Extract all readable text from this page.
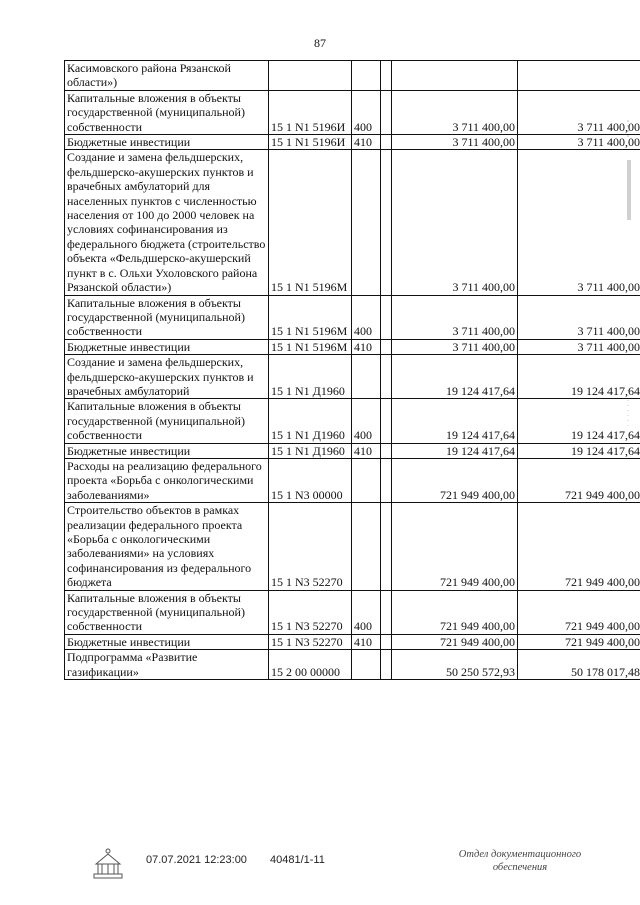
87
Касимовского района Рязанской области»)					
Капитальные вложения в объекты государственной (муниципальной) собственности	15 1 N1 5196И	400		3 711 400,00	3 711 400,00
Бюджетные инвестиции	15 1 N1 5196И	410		3 711 400,00	3 711 400,00
Создание и замена фельдшерских, фельдшерско-акушерских пунктов и врачебных амбулаторий для населенных пунктов с численностью населения от 100 до 2000 человек на условиях софинансирования из федерального бюджета (строительство объекта «Фельдшерско-акушерский пункт в с. Ольхи Ухоловского района Рязанской области»)	15 1 N1 5196М			3 711 400,00	3 711 400,00
Капитальные вложения в объекты государственной (муниципальной) собственности	15 1 N1 5196М	400		3 711 400,00	3 711 400,00
Бюджетные инвестиции	15 1 N1 5196М	410		3 711 400,00	3 711 400,00
Создание и замена фельдшерских, фельдшерско-акушерских пунктов и врачебных амбулаторий	15 1 N1 Д1960			19 124 417,64	19 124 417,64
Капитальные вложения в объекты государственной (муниципальной) собственности	15 1 N1 Д1960	400		19 124 417,64	19 124 417,64
Бюджетные инвестиции	15 1 N1 Д1960	410		19 124 417,64	19 124 417,64
Расходы на реализацию федерального проекта «Борьба с онкологическими заболеваниями»	15 1 N3 00000			721 949 400,00	721 949 400,00
Строительство объектов в рамках реализации федерального проекта «Борьба с онкологическими заболеваниями» на условиях софинансирования из федерального бюджета	15 1 N3 52270			721 949 400,00	721 949 400,00
Капитальные вложения в объекты государственной (муниципальной) собственности	15 1 N3 52270	400		721 949 400,00	721 949 400,00
Бюджетные инвестиции	15 1 N3 52270	410		721 949 400,00	721 949 400,00
Подпрограмма «Развитие газификации»	15 2 00 00000			50 250 572,93	50 178 017,48
07.07.2021 12:23:00 40481/1-11	Отдел документационного
обеспечения
